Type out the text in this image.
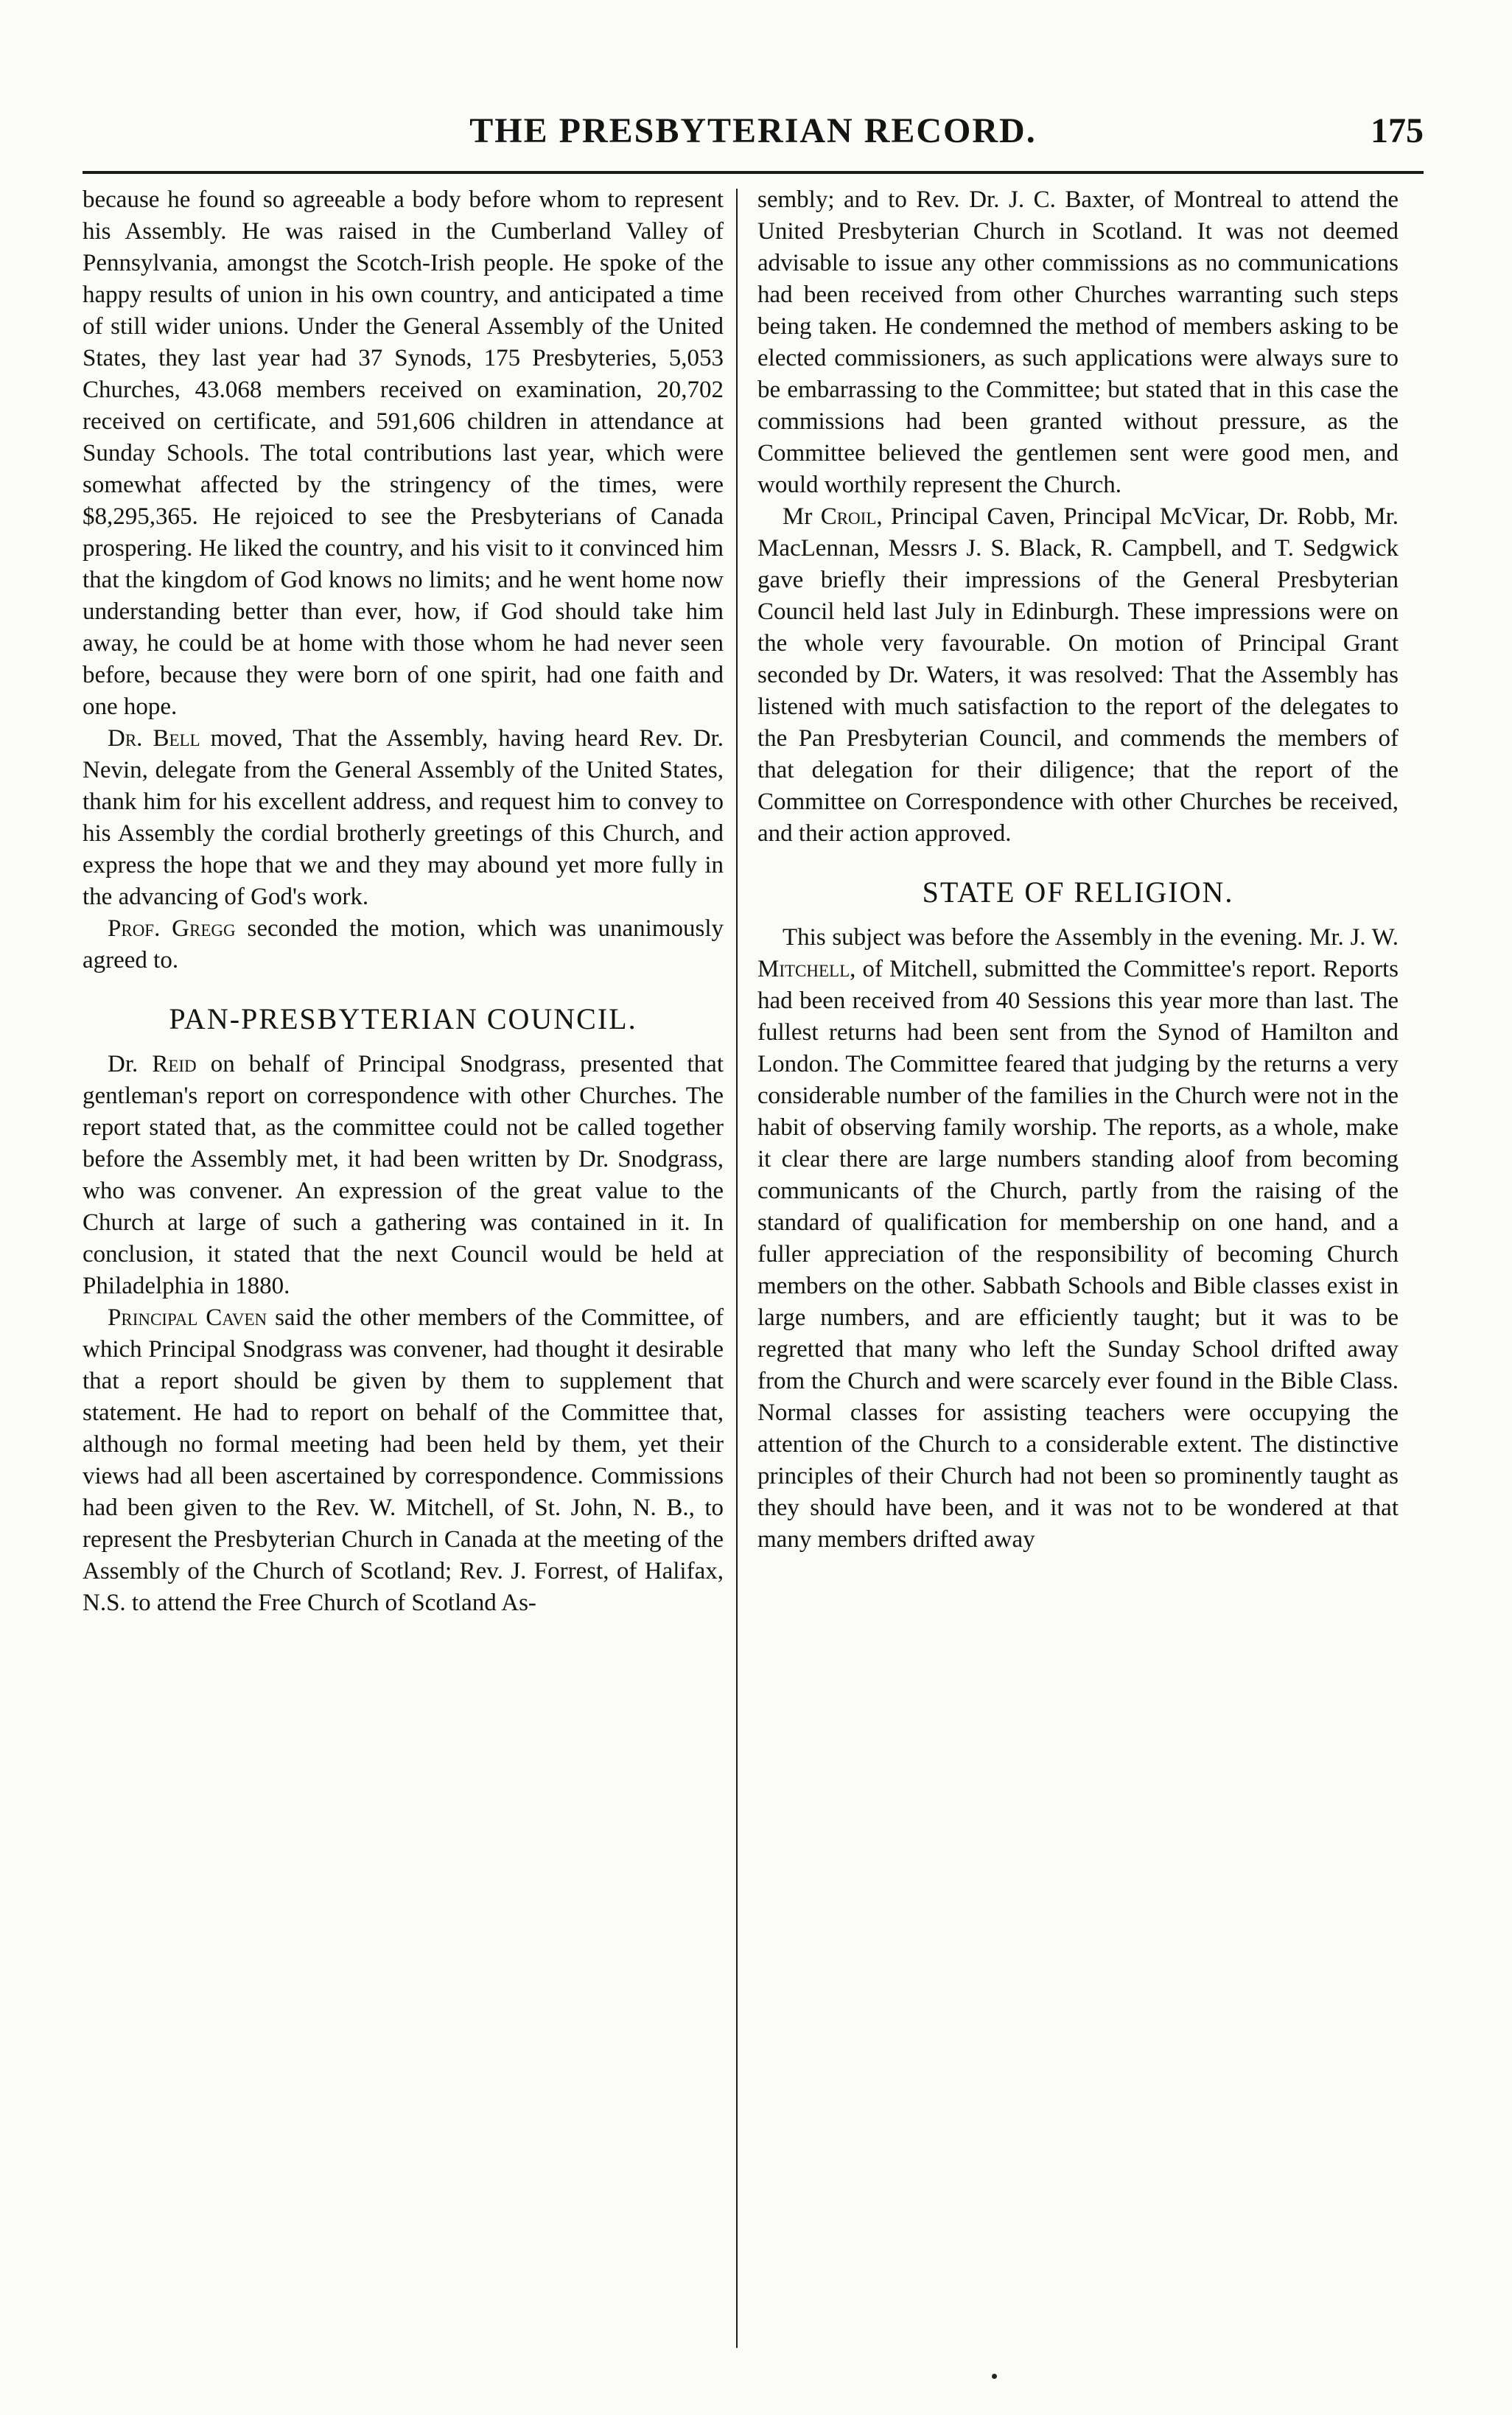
THE PRESBYTERIAN RECORD.	175

because he found so agreeable a body before whom to represent his Assembly. He was raised in the Cumberland Valley of Pennsylvania, amongst the Scotch-Irish people. He spoke of the happy results of union in his own country, and anticipated a time of still wider unions. Under the General Assembly of the United States, they last year had 37 Synods, 175 Presbyteries, 5,053 Churches, 43.068 members received on examination, 20,702 received on certificate, and 591,606 children in attendance at Sunday Schools. The total contributions last year, which were somewhat affected by the stringency of the times, were $8,295,365. He rejoiced to see the Presbyterians of Canada prospering. He liked the country, and his visit to it convinced him that the kingdom of God knows no limits; and he went home now understanding better than ever, how, if God should take him away, he could be at home with those whom he had never seen before, because they were born of one spirit, had one faith and one hope.

Dr. Bell moved, That the Assembly, having heard Rev. Dr. Nevin, delegate from the General Assembly of the United States, thank him for his excellent address, and request him to convey to his Assembly the cordial brotherly greetings of this Church, and express the hope that we and they may abound yet more fully in the advancing of God's work.

Prof. Gregg seconded the motion, which was unanimously agreed to.

PAN-PRESBYTERIAN COUNCIL.

Dr. Reid on behalf of Principal Snodgrass, presented that gentleman's report on correspondence with other Churches. The report stated that, as the committee could not be called together before the Assembly met, it had been written by Dr. Snodgrass, who was convener. An expression of the great value to the Church at large of such a gathering was contained in it. In conclusion, it stated that the next Council would be held at Philadelphia in 1880.

Principal Caven said the other members of the Committee, of which Principal Snodgrass was convener, had thought it desirable that a report should be given by them to supplement that statement. He had to report on behalf of the Committee that, although no formal meeting had been held by them, yet their views had all been ascertained by correspondence. Commissions had been given to the Rev. W. Mitchell, of St. John, N. B., to represent the Presbyterian Church in Canada at the meeting of the Assembly of the Church of Scotland; Rev. J. Forrest, of Halifax, N.S. to attend the Free Church of Scotland As-

sembly; and to Rev. Dr. J. C. Baxter, of Montreal to attend the United Presbyterian Church in Scotland. It was not deemed advisable to issue any other commissions as no communications had been received from other Churches warranting such steps being taken. He condemned the method of members asking to be elected commissioners, as such applications were always sure to be embarrassing to the Committee; but stated that in this case the commissions had been granted without pressure, as the Committee believed the gentlemen sent were good men, and would worthily represent the Church.

Mr Croil, Principal Caven, Principal McVicar, Dr. Robb, Mr. MacLennan, Messrs J. S. Black, R. Campbell, and T. Sedgwick gave briefly their impressions of the General Presbyterian Council held last July in Edinburgh. These impressions were on the whole very favourable. On motion of Principal Grant seconded by Dr. Waters, it was resolved: That the Assembly has listened with much satisfaction to the report of the delegates to the Pan Presbyterian Council, and commends the members of that delegation for their diligence; that the report of the Committee on Correspondence with other Churches be received, and their action approved.

STATE OF RELIGION.

This subject was before the Assembly in the evening. Mr. J. W. Mitchell, of Mitchell, submitted the Committee's report. Reports had been received from 40 Sessions this year more than last. The fullest returns had been sent from the Synod of Hamilton and London. The Committee feared that judging by the returns a very considerable number of the families in the Church were not in the habit of observing family worship. The reports, as a whole, make it clear there are large numbers standing aloof from becoming communicants of the Church, partly from the raising of the standard of qualification for membership on one hand, and a fuller appreciation of the responsibility of becoming Church members on the other. Sabbath Schools and Bible classes exist in large numbers, and are efficiently taught; but it was to be regretted that many who left the Sunday School drifted away from the Church and were scarcely ever found in the Bible Class. Normal classes for assisting teachers were occupying the attention of the Church to a considerable extent. The distinctive principles of their Church had not been so prominently taught as they should have been, and it was not to be wondered at that many members drifted away
